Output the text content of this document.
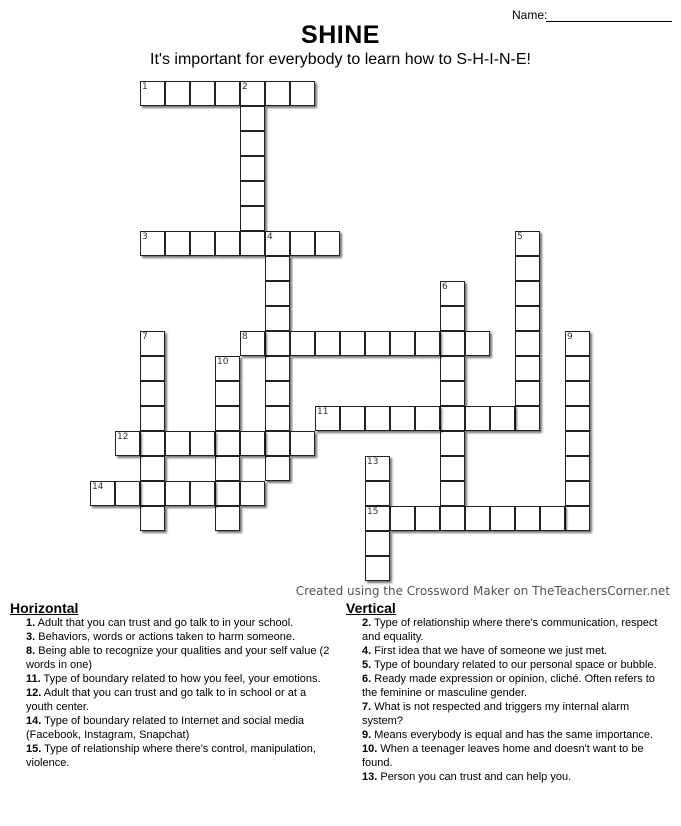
Name:
SHINE
It's important for everybody to learn how to S-H-I-N-E!
1	2
3	4	5
6
7	8	9
10
11
12
13
14
15
Created using the Crossword Maker on TheTeachersCorner.net
Horizontal
1. Adult that you can trust and go talk to in your school.
3. Behaviors, words or actions taken to harm someone.
8. Being able to recognize your qualities and your self value (2 words in one)
11. Type of boundary related to how you feel, your emotions.
12. Adult that you can trust and go talk to in school or at a youth center.
14. Type of boundary related to Internet and social media (Facebook, Instagram, Snapchat)
15. Type of relationship where there's control, manipulation, violence.
Vertical
2. Type of relationship where there's communication, respect and equality.
4. First idea that we have of someone we just met.
5. Type of boundary related to our personal space or bubble.
6. Ready made expression or opinion, cliché. Often refers to the feminine or masculine gender.
7. What is not respected and triggers my internal alarm system?
9. Means everybody is equal and has the same importance.
10. When a teenager leaves home and doesn't want to be found.
13. Person you can trust and can help you.
